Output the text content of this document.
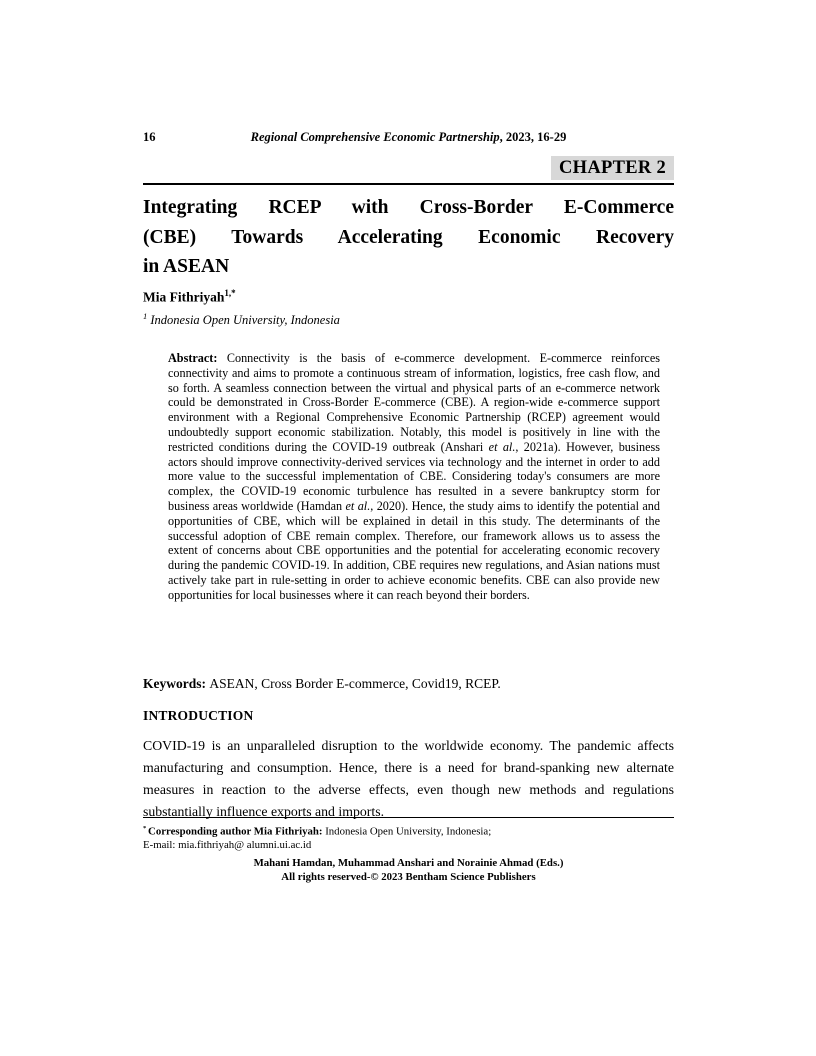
16	Regional Comprehensive Economic Partnership, 2023, 16-29
CHAPTER 2
Integrating RCEP with Cross-Border E-Commerce
(CBE) Towards Accelerating Economic Recovery
in ASEAN
Mia Fithriyah$^{1,*}$
$^1$ Indonesia Open University, Indonesia
Abstract: Connectivity is the basis of e-commerce development. E-commerce reinforces connectivity and aims to promote a continuous stream of information, logistics, free cash flow, and so forth. A seamless connection between the virtual and physical parts of an e-commerce network could be demonstrated in Cross-Border E-commerce (CBE). A region-wide e-commerce support environment with a Regional Comprehensive Economic Partnership (RCEP) agreement would undoubtedly support economic stabilization. Notably, this model is positively in line with the restricted conditions during the COVID-19 outbreak (Anshari et al., 2021a). However, business actors should improve connectivity-derived services via technology and the internet in order to add more value to the successful implementation of CBE. Considering today's consumers are more complex, the COVID-19 economic turbulence has resulted in a severe bankruptcy storm for business areas worldwide (Hamdan et al., 2020). Hence, the study aims to identify the potential and opportunities of CBE, which will be explained in detail in this study. The determinants of the successful adoption of CBE remain complex. Therefore, our framework allows us to assess the extent of concerns about CBE opportunities and the potential for accelerating economic recovery during the pandemic COVID-19. In addition, CBE requires new regulations, and Asian nations must actively take part in rule-setting in order to achieve economic benefits. CBE can also provide new opportunities for local businesses where it can reach beyond their borders.
Keywords: ASEAN, Cross Border E-commerce, Covid19, RCEP.
INTRODUCTION
COVID-19 is an unparalleled disruption to the worldwide economy. The pandemic affects manufacturing and consumption. Hence, there is a need for brand-spanking new alternate measures in reaction to the adverse effects, even though new methods and regulations substantially influence exports and imports.
* Corresponding author Mia Fithriyah: Indonesia Open University, Indonesia;
E-mail: mia.fithriyah@ alumni.ui.ac.id
Mahani Hamdan, Muhammad Anshari and Norainie Ahmad (Eds.)
All rights reserved-© 2023 Bentham Science Publishers
